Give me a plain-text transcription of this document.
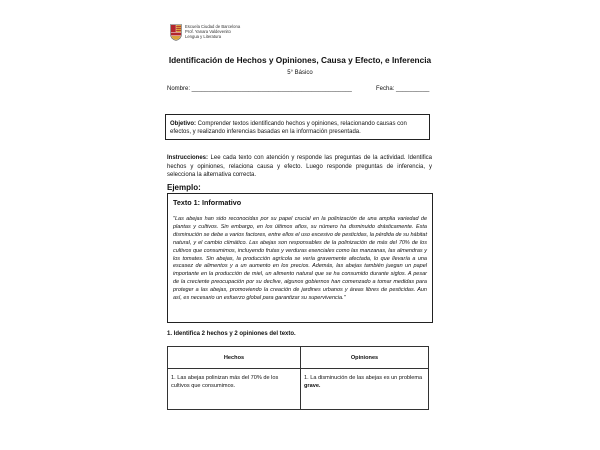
Escuela Ciudad de Barcelona
Prof. Yanara Valdevenito
Lengua y Literatura
Identificación de Hechos y Opiniones, Causa y Efecto, e Inferencia
5° Básico
Nombre: ________________________________________________	Fecha: __________
Objetivo: Comprender textos identificando hechos y opiniones, relacionando causas con efectos, y realizando inferencias basadas en la información presentada.
Instrucciones: Lee cada texto con atención y responde las preguntas de la actividad. Identifica hechos y opiniones, relaciona causa y efecto. Luego responde preguntas de inferencia, y selecciona la alternativa correcta.
Ejemplo:
Texto 1: Informativo
"Las abejas han sido reconocidas por su papel crucial en la polinización de una amplia variedad de plantas y cultivos. Sin embargo, en los últimos años, su número ha disminuido drásticamente. Esta disminución se debe a varios factores, entre ellos el uso excesivo de pesticidas, la pérdida de su hábitat natural, y el cambio climático. Las abejas son responsables de la polinización de más del 70% de los cultivos que consumimos, incluyendo frutas y verduras esenciales como las manzanas, las almendras y los tomates. Sin abejas, la producción agrícola se vería gravemente afectada, lo que llevaría a una escasez de alimentos y a un aumento en los precios. Además, las abejas también juegan un papel importante en la producción de miel, un alimento natural que se ha consumido durante siglos. A pesar de la creciente preocupación por su declive, algunos gobiernos han comenzado a tomar medidas para proteger a las abejas, promoviendo la creación de jardines urbanos y áreas libres de pesticidas. Aun así, es necesario un esfuerzo global para garantizar su supervivencia."
1. Identifica 2 hechos y 2 opiniones del texto.
Hechos	Opiniones
1. Las abejas polinizan más del 70% de los cultivos que consumimos.	1. La disminución de las abejas es un problema grave.
